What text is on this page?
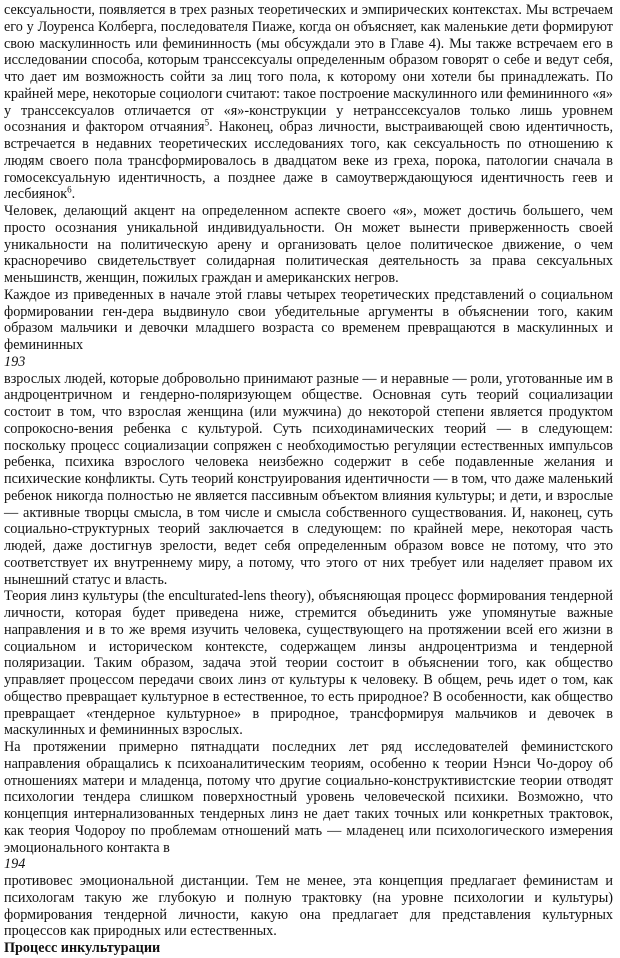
сексуальности, появляется в трех разных теоретических и эмпирических контекстах. Мы встречаем его у Лоуренса Колберга, последователя Пиаже, когда он объясняет, как маленькие дети формируют свою маскулинность или фемининность (мы обсуждали это в Главе 4). Мы также встречаем его в исследовании способа, которым транссексуалы определенным образом говорят о себе и ведут себя, что дает им возможность сойти за лиц того пола, к которому они хотели бы принадлежать. По крайней мере, некоторые социологи считают: такое построение маскулинного или фемининного «я» у транссексуалов отличается от «я»-конструкции у нетранссексуалов только лишь уровнем осознания и фактором отчаяния$^5$. Наконец, образ личности, выстраивающей свою идентичность, встречается в недавних теоретических исследованиях того, как сексуальность по отношению к людям своего пола трансформировалось в двадцатом веке из греха, порока, патологии сначала в гомосексуальную идентичность, а позднее даже в самоутверждающуюся идентичность геев и лесбиянок$^6$.

Человек, делающий акцент на определенном аспекте своего «я», может достичь большего, чем просто осознания уникальной индивидуальности. Он может вынести приверженность своей уникальности на политическую арену и организовать целое политическое движение, о чем красноречиво свидетельствует солидарная политическая деятельность за права сексуальных меньшинств, женщин, пожилых граждан и американских негров.

Каждое из приведенных в начале этой главы четырех теоретических представлений о социальном формировании ген-дера выдвинуло свои убедительные аргументы в объяснении того, каким образом мальчики и девочки младшего возраста со временем превращаются в маскулинных и фемининных

193

взрослых людей, которые добровольно принимают разные — и неравные — роли, уготованные им в андроцентричном и гендерно-поляризующем обществе. Основная суть теорий социализации состоит в том, что взрослая женщина (или мужчина) до некоторой степени является продуктом сопрокосно-вения ребенка с культурой. Суть психодинамических теорий — в следующем: поскольку процесс социализации сопряжен с необходимостью регуляции естественных импульсов ребенка, психика взрослого человека неизбежно содержит в себе подавленные желания и психические конфликты. Суть теорий конструирования идентичности — в том, что даже маленький ребенок никогда полностью не является пассивным объектом влияния культуры; и дети, и взрослые — активные творцы смысла, в том числе и смысла собственного существования. И, наконец, суть социально-структурных теорий заключается в следующем: по крайней мере, некоторая часть людей, даже достигнув зрелости, ведет себя определенным образом вовсе не потому, что это соответствует их внутреннему миру, а потому, что этого от них требует или наделяет правом их нынешний статус и власть.

Теория линз культуры (the enculturated-lens theory), объясняющая процесс формирования тендерной личности, которая будет приведена ниже, стремится объединить уже упомянутые важные направления и в то же время изучить человека, существующего на протяжении всей его жизни в социальном и историческом контексте, содержащем линзы андроцентризма и тендерной поляризации. Таким образом, задача этой теории состоит в объяснении того, как общество управляет процессом передачи своих линз от культуры к человеку. В общем, речь идет о том, как общество превращает культурное в естественное, то есть природное? В особенности, как общество превращает «тендерное культурное» в природное, трансформируя мальчиков и девочек в маскулинных и фемининных взрослых.

На протяжении примерно пятнадцати последних лет ряд исследователей феминистского направления обращались к психоаналитическим теориям, особенно к теории Нэнси Чо-дороу об отношениях матери и младенца, потому что другие социально-конструктивистские теории отводят психологии тендера слишком поверхностный уровень человеческой психики. Возможно, что концепция интернализованных тендерных линз не дает таких точных или конкретных трактовок, как теория Чодороу по проблемам отношений мать — младенец или психологического измерения эмоционального контакта в

194

противовес эмоциональной дистанции. Тем не менее, эта концепция предлагает феминистам и психологам такую же глубокую и полную трактовку (на уровне психологии и культуры) формирования тендерной личности, какую она предлагает для представления культурных процессов как природных или естественных.

Процесс инкультурации
